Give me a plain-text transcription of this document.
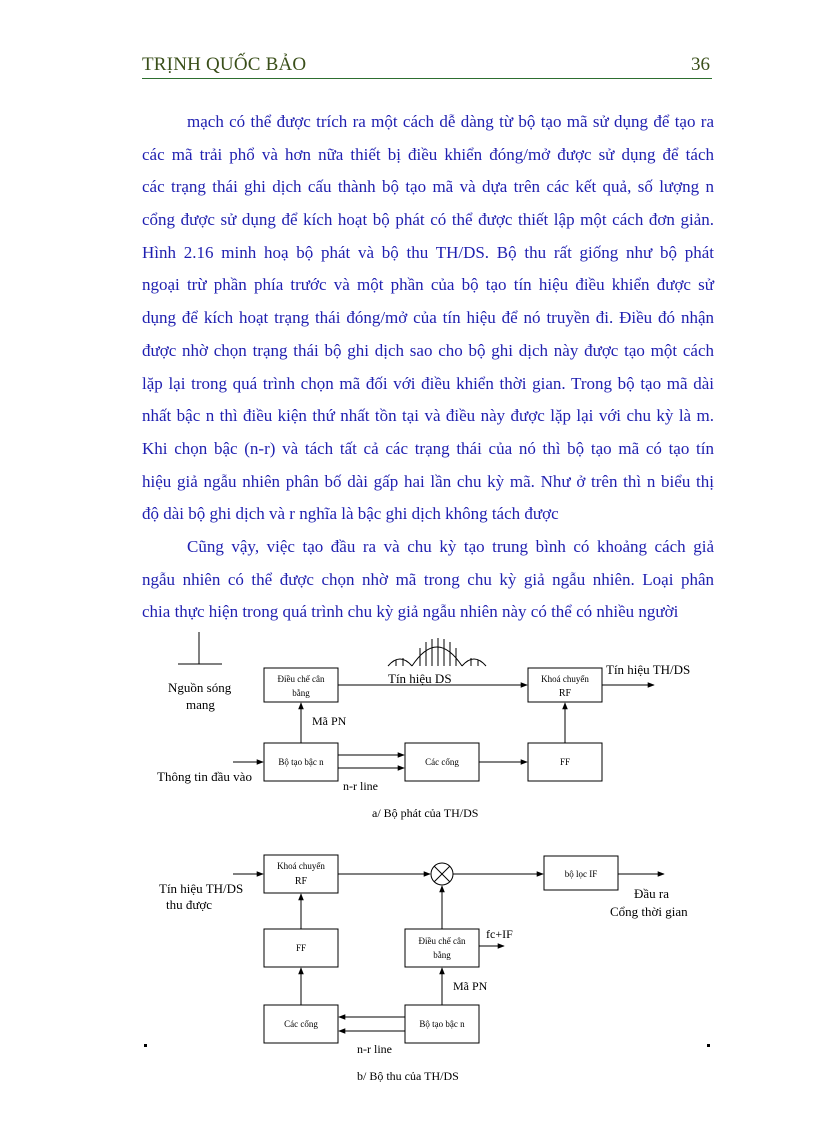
TRỊNH QUỐC BẢO	36
mạch có thể được trích ra một cách dễ dàng từ bộ tạo mã sử dụng để tạo ra
các mã trải phổ và hơn nữa thiết bị điều khiển đóng/mở được sử dụng để tách
các trạng thái ghi dịch cấu thành bộ tạo mã và dựa trên các kết quả, số lượng n
cổng được sử dụng để kích hoạt bộ phát có thể được thiết lập một cách đơn giản.
Hình 2.16 minh hoạ bộ phát và bộ thu TH/DS. Bộ thu rất giống như bộ phát
ngoại trừ phần phía trước và một phần của bộ tạo tín hiệu điều khiển được sử
dụng để kích hoạt trạng thái đóng/mở của tín hiệu để nó truyền đi. Điều đó nhận
được nhờ chọn trạng thái bộ ghi dịch sao cho bộ ghi dịch này được tạo một cách
lặp lại trong quá trình chọn mã đối với điều khiển thời gian. Trong bộ tạo mã dài
nhất bậc n thì điều kiện thứ nhất tồn tại và điều này được lặp lại với chu kỳ là m.
Khi chọn bậc (n-r) và tách tất cả các trạng thái của nó thì bộ tạo mã có tạo tín
hiệu giả ngẫu nhiên phân bố dài gấp hai lần chu kỳ mã. Như ở trên thì n biểu thị
độ dài bộ ghi dịch và r nghĩa là bậc ghi dịch không tách được
Cũng vậy, việc tạo đầu ra và chu kỳ tạo trung bình có khoảng cách giả
ngẫu nhiên có thể được chọn nhờ mã trong chu kỳ giả ngẫu nhiên. Loại phân
chia thực hiện trong quá trình chu kỳ giả ngẫu nhiên này có thể có nhiều người
Nguồn sóng
mang
Điều chế cân
bằng
Tín hiệu DS	Khoá chuyển
RF
Tín hiệu TH/DS
Mã PN
Bộ tạo bậc n	Các cổng	FF
Thông tin đầu vào
n-r line
a/ Bộ phát của TH/DS
Khoá chuyển
RF
Tín hiệu TH/DS
thu được
bộ lọc IF
Đầu ra
Cổng thời gian
FF
Điều chế cân
bằng
fc+IF
Mã PN
Các cổng	Bộ tạo bậc n
n-r line
b/ Bộ thu của TH/DS
